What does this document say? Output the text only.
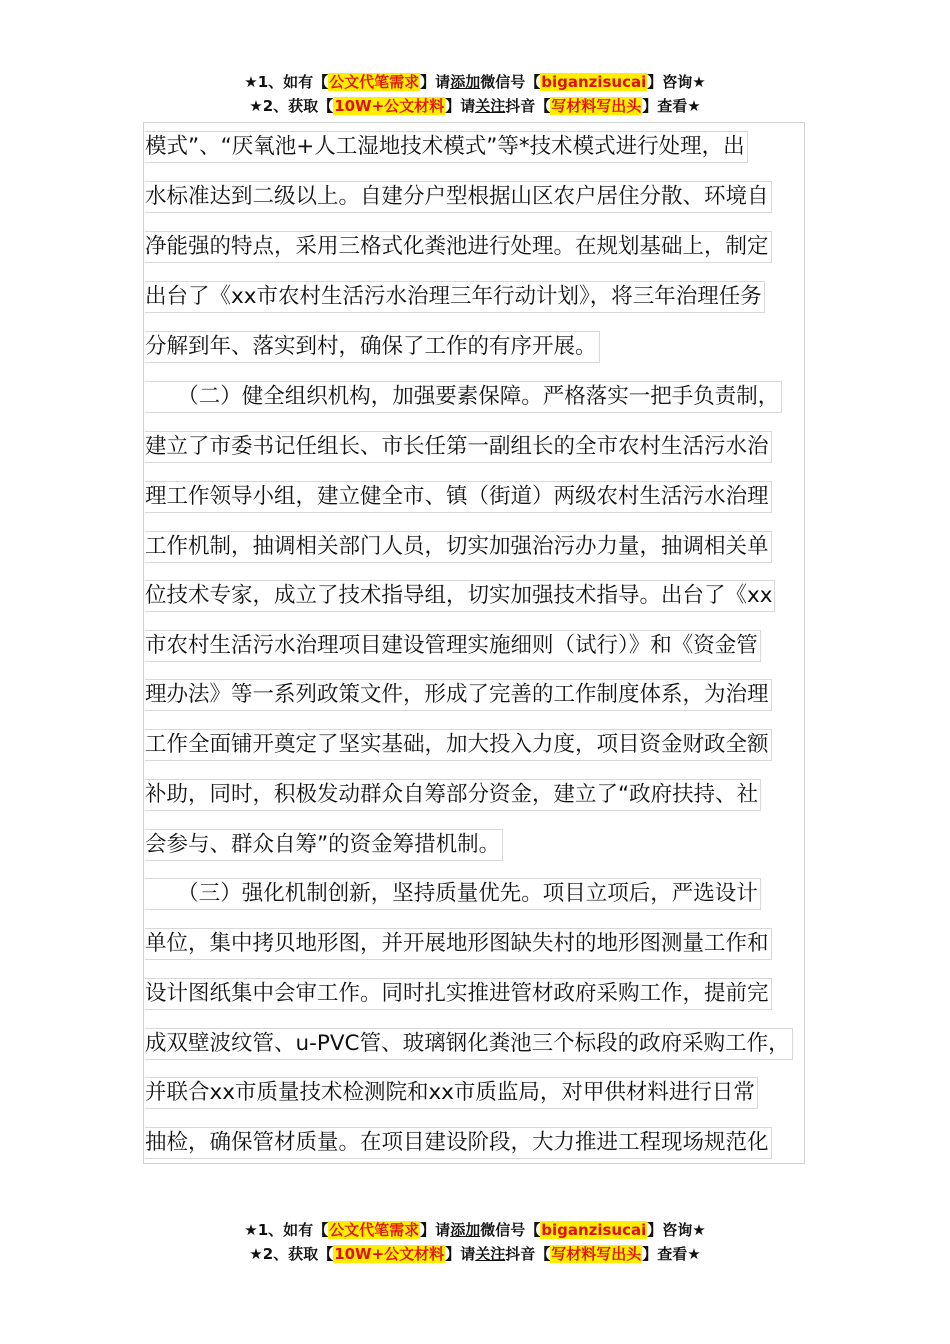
★1、如有【公文代笔需求】请添加微信号【biganzisucai】咨询★
★2、获取【10W+公文材料】请关注抖音【写材料写出头】查看★
模式”、“厌氧池+人工湿地技术模式”等*技术模式进行处理，出
水标准达到二级以上。自建分户型根据山区农户居住分散、环境自
净能强的特点，采用三格式化粪池进行处理。在规划基础上，制定
出台了《xx市农村生活污水治理三年行动计划》，将三年治理任务
分解到年、落实到村，确保了工作的有序开展。
　　（二）健全组织机构，加强要素保障。严格落实一把手负责制，
建立了市委书记任组长、市长任第一副组长的全市农村生活污水治
理工作领导小组，建立健全市、镇（街道）两级农村生活污水治理
工作机制，抽调相关部门人员，切实加强治污办力量，抽调相关单
位技术专家，成立了技术指导组，切实加强技术指导。出台了《xx
市农村生活污水治理项目建设管理实施细则（试行）》和《资金管
理办法》等一系列政策文件，形成了完善的工作制度体系，为治理
工作全面铺开奠定了坚实基础，加大投入力度，项目资金财政全额
补助，同时，积极发动群众自筹部分资金，建立了“政府扶持、社
会参与、群众自筹”的资金筹措机制。
　　（三）强化机制创新，坚持质量优先。项目立项后，严选设计
单位，集中拷贝地形图，并开展地形图缺失村的地形图测量工作和
设计图纸集中会审工作。同时扎实推进管材政府采购工作，提前完
成双壁波纹管、u-PVC管、玻璃钢化粪池三个标段的政府采购工作，
并联合xx市质量技术检测院和xx市质监局，对甲供材料进行日常
抽检，确保管材质量。在项目建设阶段，大力推进工程现场规范化
★1、如有【公文代笔需求】请添加微信号【biganzisucai】咨询★
★2、获取【10W+公文材料】请关注抖音【写材料写出头】查看★
